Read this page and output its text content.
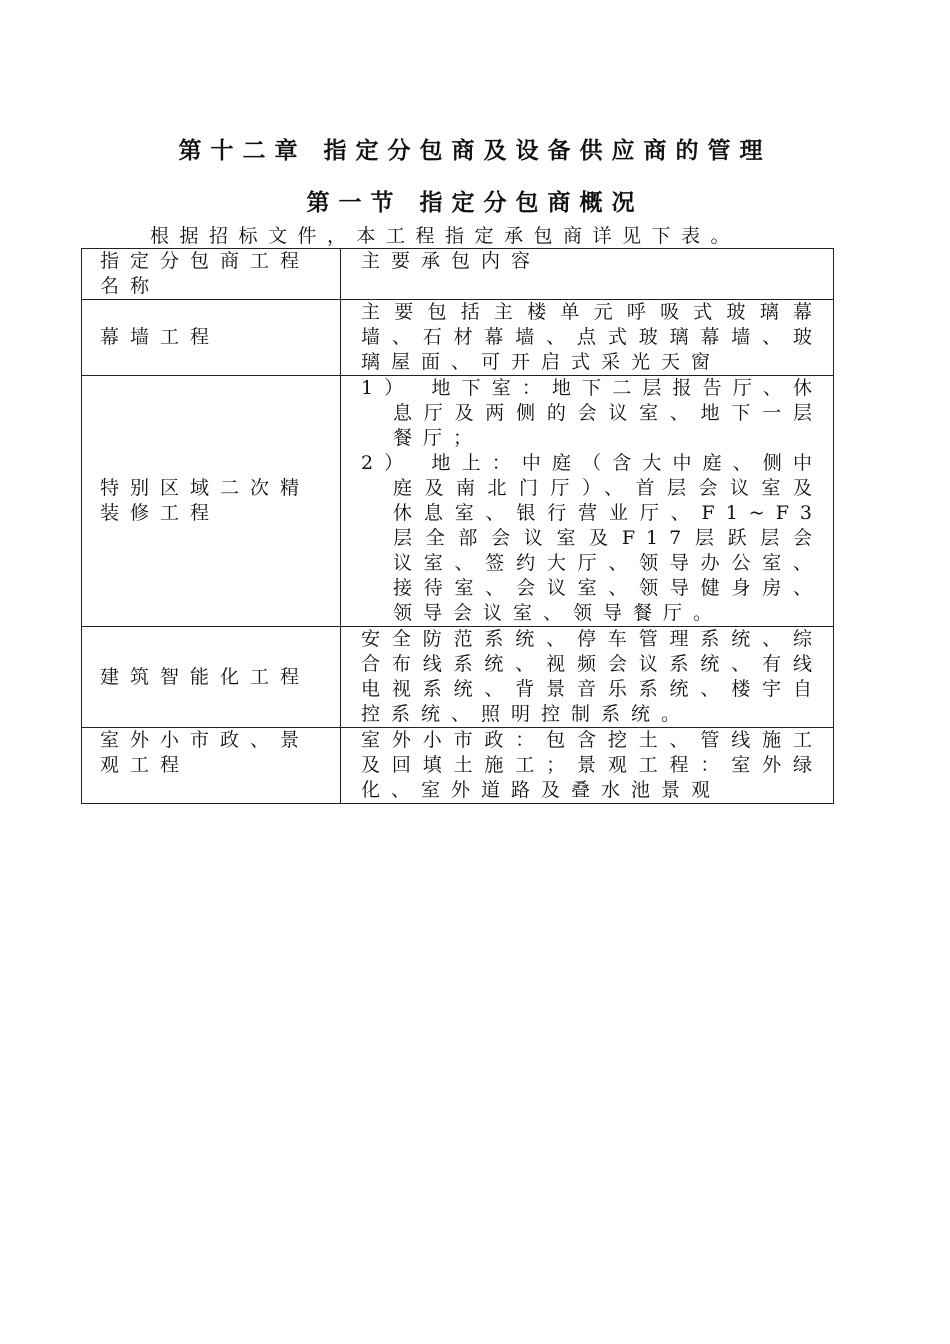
第十二章 指定分包商及设备供应商的管理
第一节 指定分包商概况
根据招标文件，本工程指定承包商详见下表。
指定分包商工程名称	主要承包内容
幕墙工程	主要包括主楼单元呼吸式玻璃幕墙、石材幕墙、点式玻璃幕墙、玻璃屋面、可开启式采光天窗
特别区域二次精装修工程	1） 地下室：地下二层报告厅、休息厅及两侧的会议室、地下一层餐厅；
2） 地上：中庭（含大中庭、侧中庭及南北门厅）、首层会议室及休息室、银行营业厅、F1~F3层全部会议室及F17层跃层会议室、签约大厅、领导办公室、接待室、会议室、领导健身房、领导会议室、领导餐厅。

建筑智能化工程	安全防范系统、停车管理系统、综合布线系统、视频会议系统、有线电视系统、背景音乐系统、楼宇自控系统、照明控制系统。
室外小市政、景观工程	室外小市政：包含挖土、管线施工及回填土施工；景观工程：室外绿化、室外道路及叠水池景观
